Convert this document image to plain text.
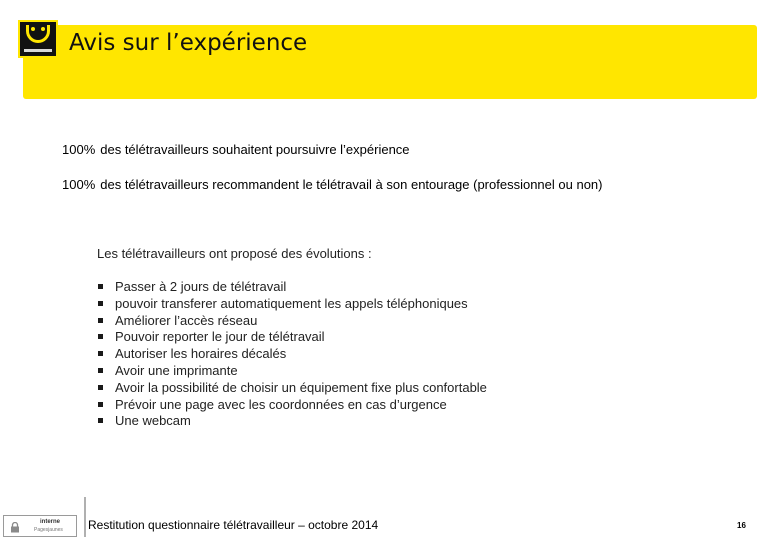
Avis sur l’expérience
100% des télétravailleurs souhaitent poursuivre l’expérience
100% des télétravailleurs recommandent le télétravail à son entourage (professionnel ou non)
Les télétravailleurs ont proposé des évolutions :
Passer à 2 jours de télétravail
pouvoir transferer automatiquement les appels téléphoniques
Améliorer l’accès réseau
Pouvoir reporter le jour de télétravail
Autoriser les horaires décalés
Avoir une imprimante
Avoir la possibilité de choisir un équipement fixe plus confortable
Prévoir une page avec les coordonnées en cas d’urgence
Une webcam
interne
Pagesjaunes Restitution questionnaire télétravailleur – octobre 2014	16
